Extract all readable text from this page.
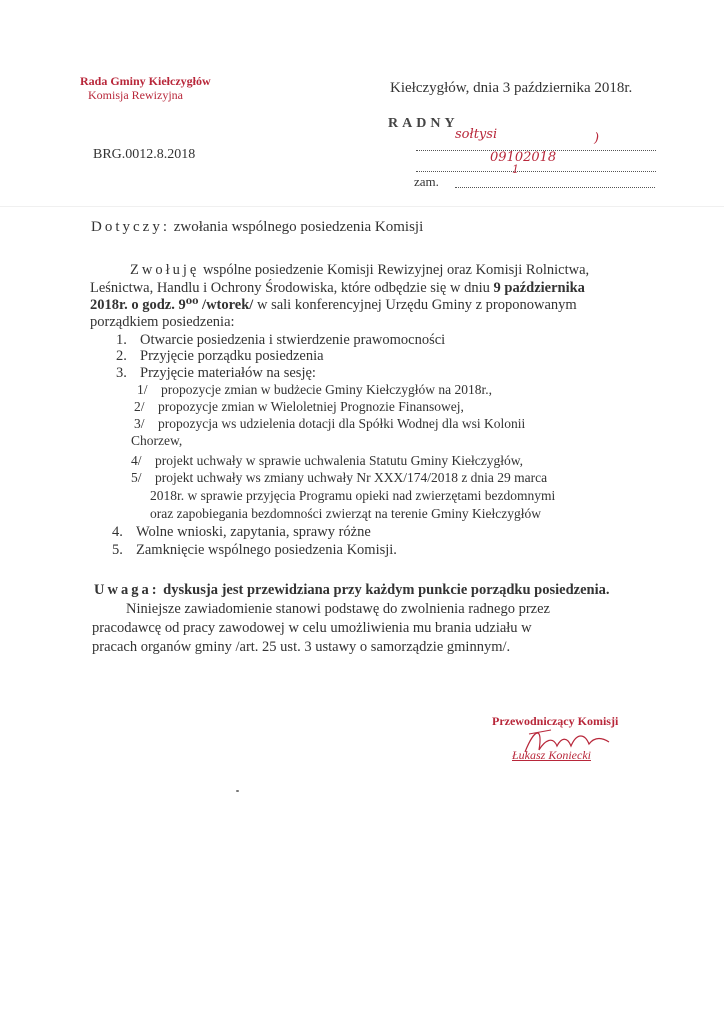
Rada Gminy Kiełczygłów
Komisja Rewizyjna	Kiełczygłów, dnia 3 października 2018r.
RADNY
sołtysi	)
09102018
1
zam.
BRG.0012.8.2018
Dotyczy: zwołania wspólnego posiedzenia Komisji
Zwołuję wspólne posiedzenie Komisji Rewizyjnej oraz Komisji Rolnictwa,
Leśnictwa, Handlu i Ochrony Środowiska, które odbędzie się w dniu 9 października
2018r. o godz. 9⁰⁰ /wtorek/ w sali konferencyjnej Urzędu Gminy z proponowanym
porządkiem posiedzenia:
1. Otwarcie posiedzenia i stwierdzenie prawomocności
2. Przyjęcie porządku posiedzenia
3. Przyjęcie materiałów na sesję:
1/ propozycje zmian w budżecie Gminy Kiełczygłów na 2018r.,
2/ propozycje zmian w Wieloletniej Prognozie Finansowej,
3/ propozycja ws udzielenia dotacji dla Spółki Wodnej dla wsi Kolonii
Chorzew,
4/ projekt uchwały w sprawie uchwalenia Statutu Gminy Kiełczygłów,
5/ projekt uchwały ws zmiany uchwały Nr XXX/174/2018 z dnia 29 marca
2018r. w sprawie przyjęcia Programu opieki nad zwierzętami bezdomnymi
oraz zapobiegania bezdomności zwierząt na terenie Gminy Kiełczygłów
4. Wolne wnioski, zapytania, sprawy różne
5. Zamknięcie wspólnego posiedzenia Komisji.
Uwaga: dyskusja jest przewidziana przy każdym punkcie porządku posiedzenia.
Niniejsze zawiadomienie stanowi podstawę do zwolnienia radnego przez
pracodawcę od pracy zawodowej w celu umożliwienia mu brania udziału w
pracach organów gminy /art. 25 ust. 3 ustawy o samorządzie gminnym/.
Przewodniczący Komisji
Łukasz Koniecki
